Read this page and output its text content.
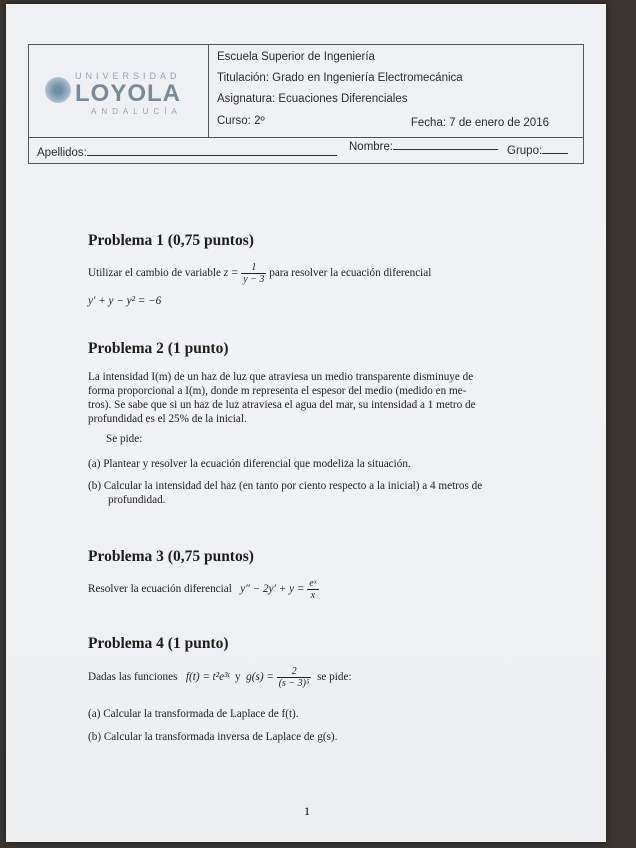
UNIVERSIDAD
LOYOLA
ANDALUCÍA
Escuela Superior de Ingeniería
Titulación: Grado en Ingeniería Electromecánica
Asignatura: Ecuaciones Diferenciales
Curso: 2º	Fecha: 7 de enero de 2016
Apellidos:	Nombre:	Grupo:
Problema 1 (0,75 puntos)
Utilizar el cambio de variable $z = \frac{1}{y - 3}$ para resolver la ecuación diferencial
y′ + y − y² = −6
Problema 2 (1 punto)
La intensidad I(m) de un haz de luz que atraviesa un medio transparente disminuye de
forma proporcional a I(m), donde m representa el espesor del medio (medido en me-
tros). Se sabe que si un haz de luz atraviesa el agua del mar, su intensidad a 1 metro de
profundidad es el 25% de la inicial.
Se pide:
(a) Plantear y resolver la ecuación diferencial que modeliza la situación.
(b) Calcular la intensidad del haz (en tanto por ciento respecto a la inicial) a 4 metros de
profundidad.
Problema 3 (0,75 puntos)
Resolver la ecuación diferencial $y'' - 2y' + y = \frac{\text{eˣ}}{x}$
Problema 4 (1 punto)
Dadas las funciones f(t) = t²e³ᵗ y $g(s) = \frac{2}{\text{(s − 3)⁵}}$ se pide:
(a) Calcular la transformada de Laplace de f(t).
(b) Calcular la transformada inversa de Laplace de g(s).
1
